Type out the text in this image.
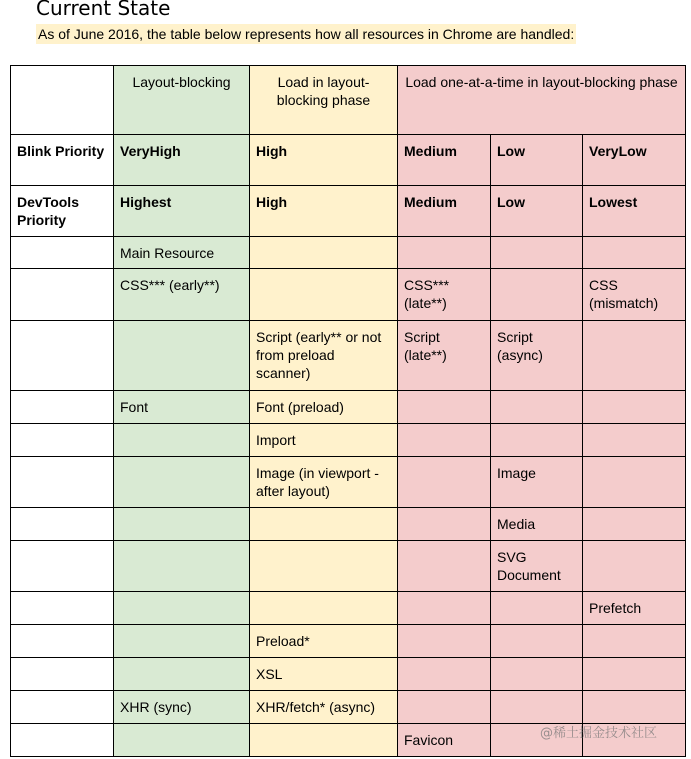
Current State
As of June 2016, the table below represents how all resources in Chrome are handled:
	Layout-blocking	Load in layout-blocking phase	Load one-at-a-time in layout-blocking phase		
Blink Priority	VeryHigh	High	Medium	Low	VeryLow
DevTools Priority	Highest	High	Medium	Low	Lowest
	Main Resource				
	CSS*** (early**)		CSS*** (late**)		CSS (mismatch)
		Script (early** or not from preload scanner)	Script (late**)	Script (async)	
	Font	Font (preload)			
		Import			
		Image (in viewport - after layout)		Image	
				Media	
				SVG Document	
					Prefetch
		Preload*			
		XSL			
	XHR (sync)	XHR/fetch* (async)			
			Favicon			@稀土掘金技术社区
